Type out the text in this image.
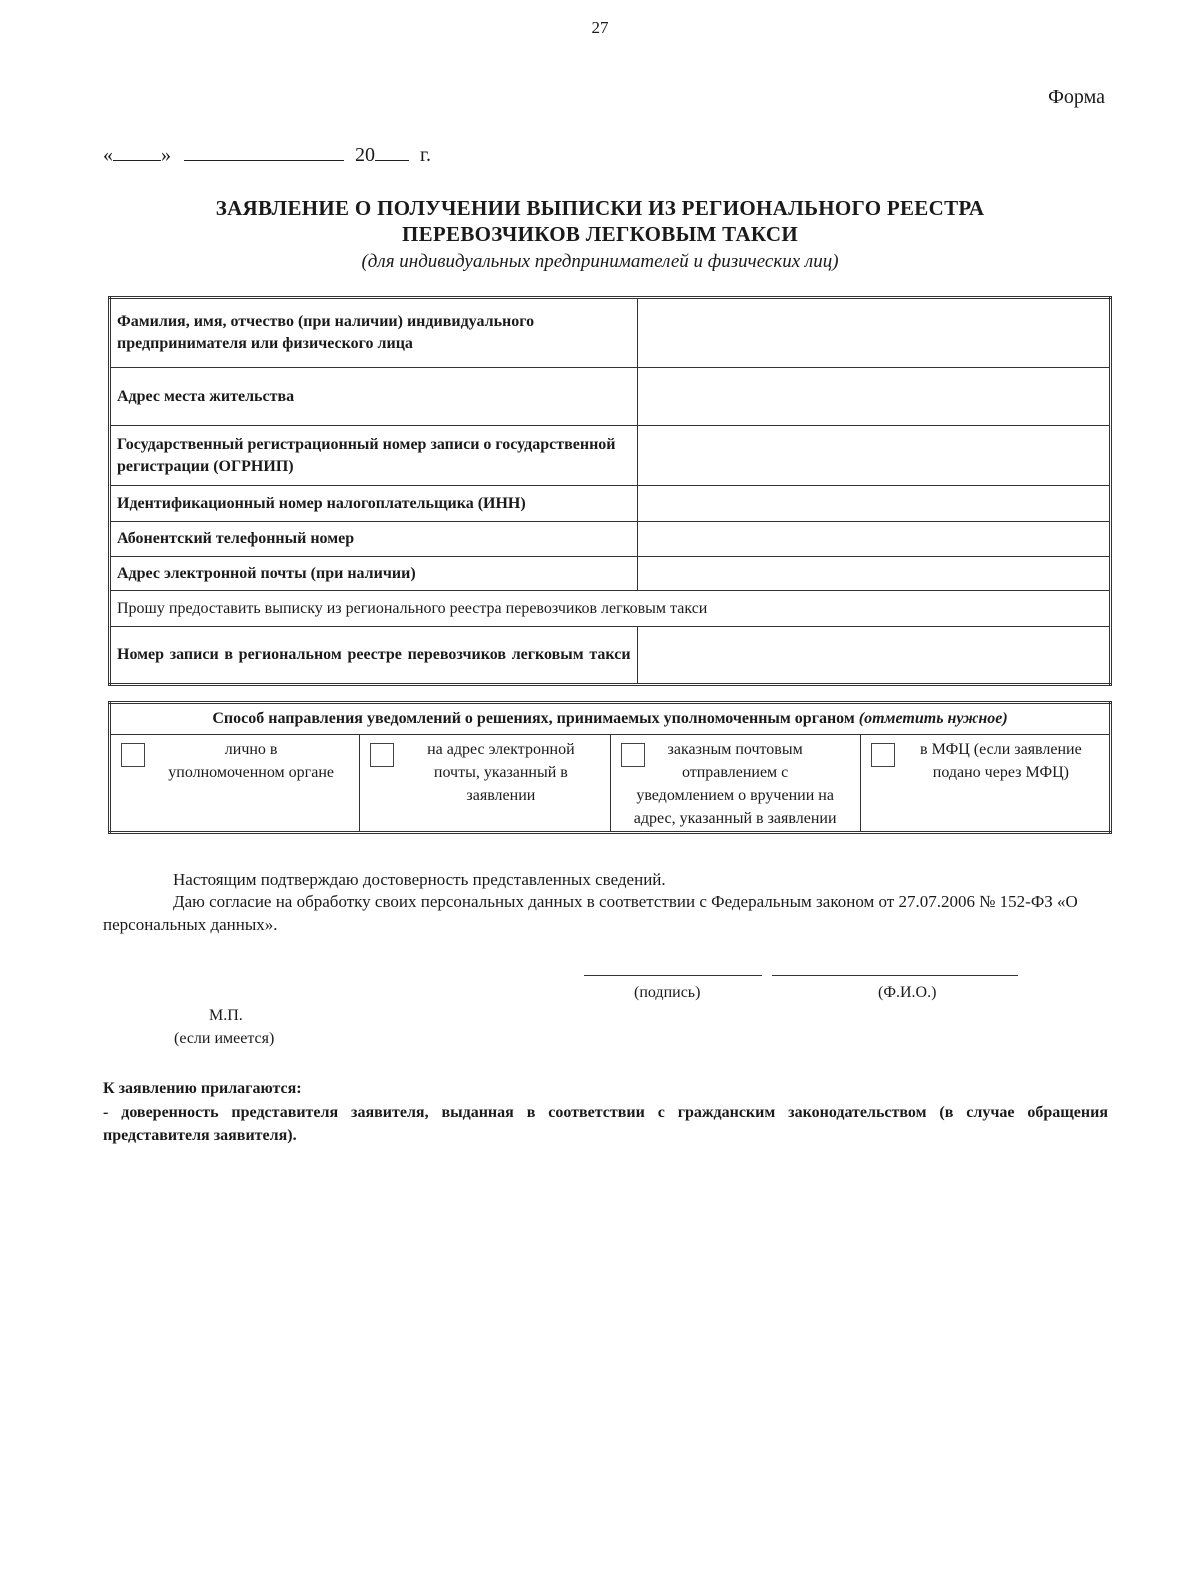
27
Форма
« »	20 г.
ЗАЯВЛЕНИЕ О ПОЛУЧЕНИИ ВЫПИСКИ ИЗ РЕГИОНАЛЬНОГО РЕЕСТРА
ПЕРЕВОЗЧИКОВ ЛЕГКОВЫМ ТАКСИ
(для индивидуальных предпринимателей и физических лиц)
Фамилия, имя, отчество (при наличии) индивидуального предпринимателя или физического лица	
Адрес места жительства	
Государственный регистрационный номер записи о государственной регистрации (ОГРНИП)	
Идентификационный номер налогоплательщика (ИНН)	
Абонентский телефонный номер	
Адрес электронной почты (при наличии)	
Прошу предоставить выписку из регионального реестра перевозчиков легковым такси	
Номер записи в региональном реестре перевозчиков легковым такси	
Способ направления уведомлений о решениях, принимаемых уполномоченным органом (отметить нужное)

лично в
уполномоченном органе

на адрес электронной
почты, указанный в
заявлении

заказным почтовым
отправлением с
уведомлением о вручении на
адрес, указанный в заявлении

в МФЦ (если заявление
подано через МФЦ)
Настоящим подтверждаю достоверность представленных сведений.
Даю согласие на обработку своих персональных данных в соответствии с Федеральным законом от 27.07.2006 № 152-ФЗ «О персональных данных».
(подпись)	(Ф.И.О.)
М.П.
(если имеется)
К заявлению прилагаются:
- доверенность представителя заявителя, выданная в соответствии с гражданским законодательством (в случае обращения представителя заявителя).
